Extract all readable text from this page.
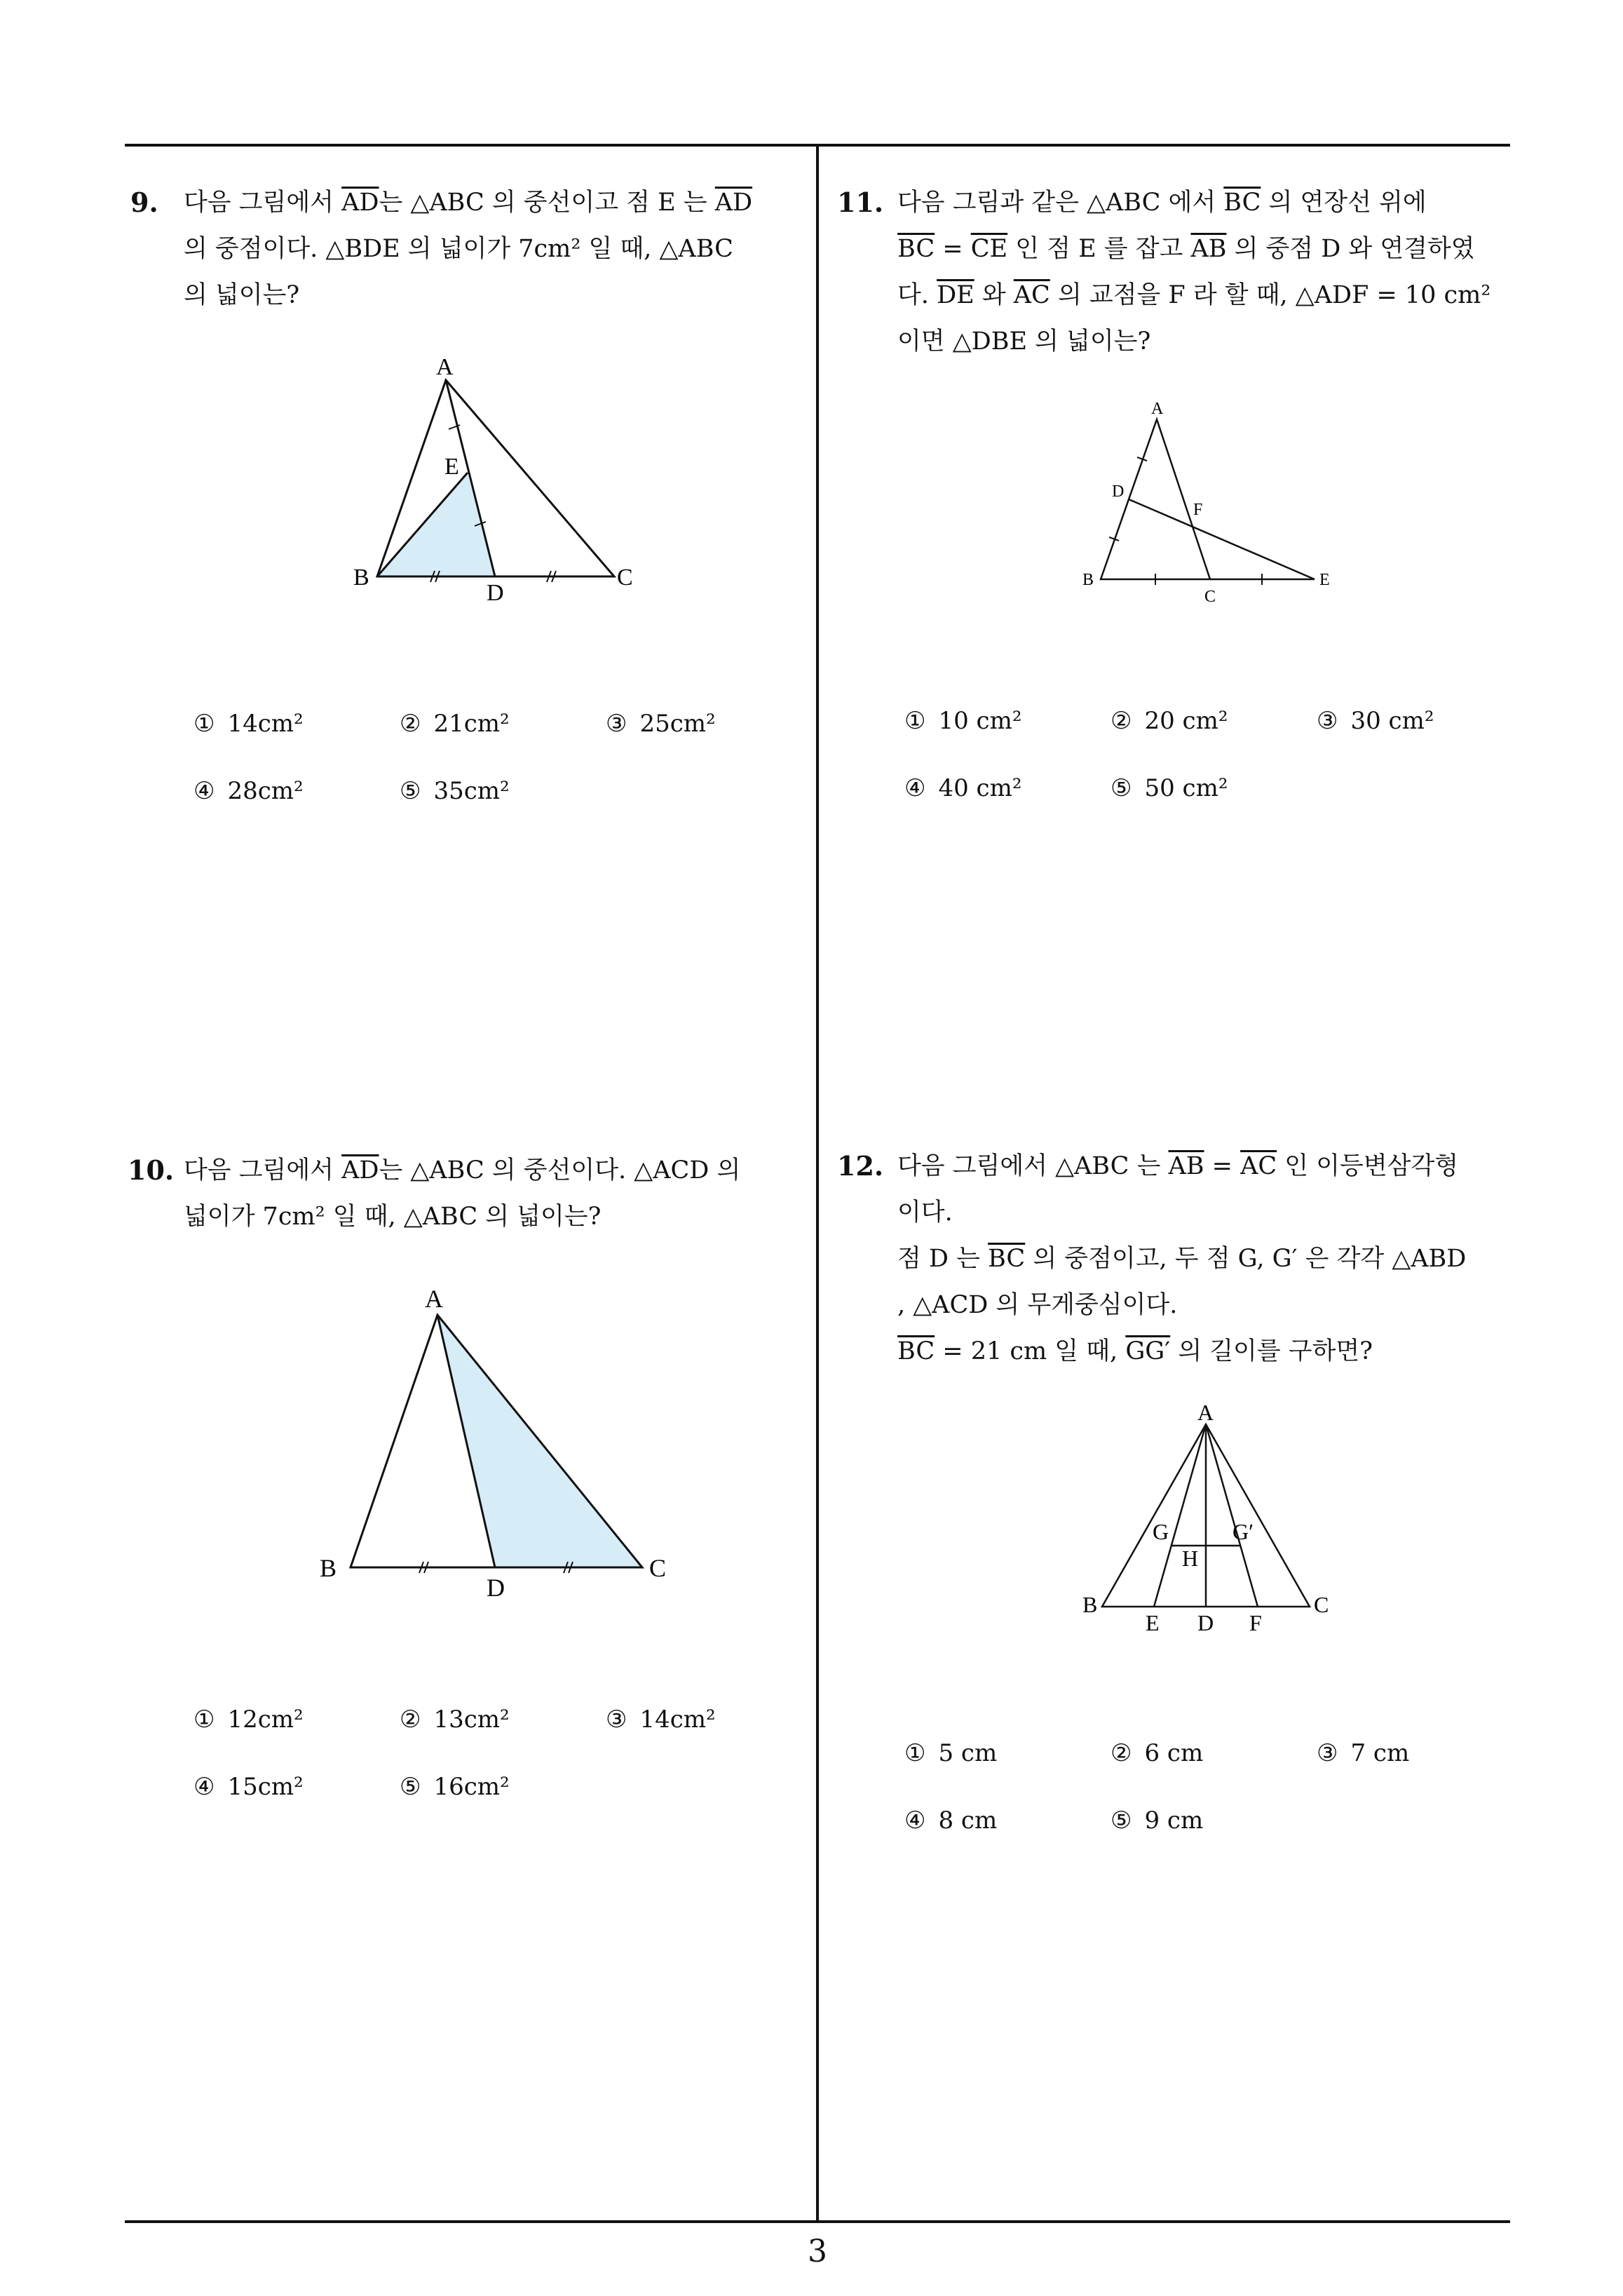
9. 다음 그림에서 $\overline{AD}$는 △ABC 의 중선이고 점 E 는 $\overline{AD}$
의 중점이다. △BDE 의 넓이가 7cm² 일 때, △ABC
의 넓이는?
A
E
B
D
C
① 14cm²	② 21cm²	③ 25cm²
④ 28cm²	⑤ 35cm²
10. 다음 그림에서 $\overline{AD}$는 △ABC 의 중선이다. △ACD 의
넓이가 7cm² 일 때, △ABC 의 넓이는?
A
B
D
C
① 12cm²	② 13cm²	③ 14cm²
④ 15cm²	⑤ 16cm²
11. 다음 그림과 같은 △ABC 에서 $\overline{BC}$ 의 연장선 위에
$\overline{BC} = \overline{CE}$ 인 점 E 를 잡고 $\overline{AB}$ 의 중점 D 와 연결하였
다. $\overline{DE}$ 와 $\overline{AC}$ 의 교점을 F 라 할 때, △ADF = 10 cm²
이면 △DBE 의 넓이는?
A
D
F
B
C
E
① 10 cm²	② 20 cm²	③ 30 cm²
④ 40 cm²	⑤ 50 cm²
12. 다음 그림에서 △ABC 는 $\overline{AB} = \overline{AC}$ 인 이등변삼각형
이다.
점 D 는 $\overline{BC}$ 의 중점이고, 두 점 G, G′ 은 각각 △ABD
, △ACD 의 무게중심이다.
$\overline{BC} = 21$ cm 일 때, GG′ 의 길이를 구하면?
A
G	G′
H
B
E D F
C
① 5 cm	② 6 cm	③ 7 cm
④ 8 cm	⑤ 9 cm
3
